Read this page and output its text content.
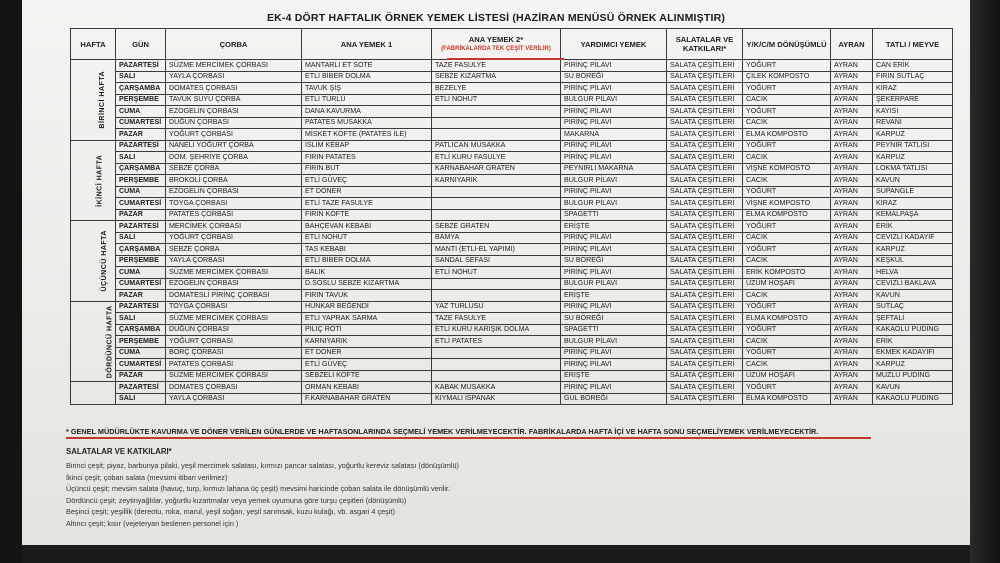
EK-4 DÖRT HAFTALIK ÖRNEK YEMEK LİSTESİ (HAZİRAN MENÜSÜ ÖRNEK ALINMIŞTIR)
HAFTA	GÜN	ÇORBA	ANA YEMEK 1	ANA YEMEK 2*
(FABRİKALARDA TEK ÇEŞİT VERİLİR)	YARDIMCI YEMEK	SALATALAR VE KATKILARI*	Y/K/C/M DÖNÜŞÜMLÜ	AYRAN	TATLI / MEYVE
BİRİNCİ HAFTA	PAZARTESİ	SÜZME MERCİMEK ÇORBASI	MANTARLI ET SOTE	TAZE FASULYE	PİRİNÇ PİLAVI	SALATA ÇEŞİTLERİ	YOĞURT	AYRAN	CAN ERİK
	SALI	YAYLA ÇORBASI	ETLİ BİBER DOLMA	SEBZE KIZARTMA	SU BÖREĞİ	SALATA ÇEŞİTLERİ	ÇİLEK KOMPOSTO	AYRAN	FIRIN SÜTLAÇ
	ÇARŞAMBA	DOMATES ÇORBASI	TAVUK ŞİŞ	BEZELYE	PİRİNÇ PİLAVI	SALATA ÇEŞİTLERİ	YOĞURT	AYRAN	KİRAZ
	PERŞEMBE	TAVUK SUYU ÇORBA	ETLİ TÜRLÜ	ETLİ NOHUT	BULGUR PİLAVI	SALATA ÇEŞİTLERİ	CACIK	AYRAN	ŞEKERPARE
	CUMA	EZOGELİN ÇORBASI	DANA KAVURMA		PİRİNÇ PİLAVI	SALATA ÇEŞİTLERİ	YOĞURT	AYRAN	KAYISI
	CUMARTESİ	DÜĞÜN ÇORBASI	PATATES MUSAKKA		PİRİNÇ PİLAVI	SALATA ÇEŞİTLERİ	CACIK	AYRAN	REVANİ
	PAZAR	YOĞURT ÇORBASI	MİSKET KÖFTE (PATATES İLE)		MAKARNA	SALATA ÇEŞİTLERİ	ELMA KOMPOSTO	AYRAN	KARPUZ
İKİNCİ HAFTA	PAZARTESİ	NANELİ YOĞURT ÇORBA	İSLİM KEBAP	PATLICAN MUSAKKA	PİRİNÇ PİLAVI	SALATA ÇEŞİTLERİ	YOĞURT	AYRAN	PEYNİR TATLISI
	SALI	DOM. ŞEHRİYE ÇORBA	FIRIN PATATES	ETLİ KURU FASULYE	PİRİNÇ PİLAVI	SALATA ÇEŞİTLERİ	CACIK	AYRAN	KARPUZ
	ÇARŞAMBA	SEBZE ÇORBA	FIRIN BUT	KARNABAHAR GRATEN	PEYNİRLİ MAKARNA	SALATA ÇEŞİTLERİ	VİŞNE KOMPOSTO	AYRAN	LOKMA TATLISI
	PERŞEMBE	BROKOLİ ÇORBA	ETLİ GÜVEÇ	KARNIYARIK	BULGUR PİLAVI	SALATA ÇEŞİTLERİ	CACIK	AYRAN	KAVUN
	CUMA	EZOGELİN ÇORBASI	ET DÖNER		PİRİNÇ PİLAVI	SALATA ÇEŞİTLERİ	YOĞURT	AYRAN	SUPANGLE
	CUMARTESİ	TOYGA ÇORBASI	ETLİ TAZE FASULYE		BULGUR PİLAVI	SALATA ÇEŞİTLERİ	VİŞNE KOMPOSTO	AYRAN	KİRAZ
	PAZAR	PATATES ÇORBASI	FIRIN KÖFTE		SPAGETTİ	SALATA ÇEŞİTLERİ	ELMA KOMPOSTO	AYRAN	KEMALPAŞA
ÜÇÜNCÜ HAFTA	PAZARTESİ	MERCİMEK ÇORBASI	BAHÇEVAN KEBABI	SEBZE GRATEN	ERİŞTE	SALATA ÇEŞİTLERİ	YOĞURT	AYRAN	ERİK
	SALI	YOĞURT ÇORBASI	ETLİ NOHUT	BAMYA	PİRİNÇ PİLAVI	SALATA ÇEŞİTLERİ	CACIK	AYRAN	CEVİZLİ KADAYIF
	ÇARŞAMBA	SEBZE ÇORBA	TAS KEBABI	MANTI (ETLİ-EL YAPIMI)	PİRİNÇ PİLAVI	SALATA ÇEŞİTLERİ	YOĞURT	AYRAN	KARPUZ
	PERŞEMBE	YAYLA ÇORBASI	ETLİ BİBER DOLMA	SANDAL SEFASI	SU BÖREĞİ	SALATA ÇEŞİTLERİ	CACIK	AYRAN	KEŞKÜL
	CUMA	SÜZME MERCİMEK ÇORBASI	BALIK	ETLİ NOHUT	PİRİNÇ PİLAVI	SALATA ÇEŞİTLERİ	ERİK KOMPOSTO	AYRAN	HELVA
	CUMARTESİ	EZOGELİN ÇORBASI	D.SOSLU SEBZE KIZARTMA		BULGUR PİLAVI	SALATA ÇEŞİTLERİ	ÜZÜM HOŞAFI	AYRAN	CEVİZLİ BAKLAVA
	PAZAR	DOMATESLİ PİRİNÇ ÇORBASI	FIRIN TAVUK		ERİŞTE	SALATA ÇEŞİTLERİ	CACIK	AYRAN	KAVUN
DÖRDÜNCÜ HAFTA	PAZARTESİ	TOYGA ÇORBASI	HÜNKAR BEĞENDİ	YAZ TÜRLÜSÜ	PİRİNÇ PİLAVI	SALATA ÇEŞİTLERİ	YOĞURT	AYRAN	SÜTLAÇ
	SALI	SÜZME MERCİMEK ÇORBASI	ETLİ YAPRAK SARMA	TAZE FASULYE	SU BÖREĞİ	SALATA ÇEŞİTLERİ	ELMA KOMPOSTO	AYRAN	ŞEFTALİ
	ÇARŞAMBA	DÜĞÜN ÇORBASI	PİLİÇ ROTİ	ETLİ KURU KARIŞIK DOLMA	SPAGETTİ	SALATA ÇEŞİTLERİ	YOĞURT	AYRAN	KAKAOLU PUDİNG
	PERŞEMBE	YOĞURT ÇORBASI	KARNIYARIK	ETLİ PATATES	BULGUR PİLAVI	SALATA ÇEŞİTLERİ	CACIK	AYRAN	ERİK
	CUMA	BORÇ ÇORBASI	ET DÖNER		PİRİNÇ PİLAVI	SALATA ÇEŞİTLERİ	YOĞURT	AYRAN	EKMEK KADAYIFI
	CUMARTESİ	PATATES ÇORBASI	ETLİ GÜVEÇ		PİRİNÇ PİLAVI	SALATA ÇEŞİTLERİ	CACIK	AYRAN	KARPUZ
	PAZAR	SÜZME MERCİMEK ÇORBASI	SEBZELİ KÖFTE		ERİŞTE	SALATA ÇEŞİTLERİ	ÜZÜM HOŞAFI	AYRAN	MUZLU PUDİNG
	PAZARTESİ	DOMATES ÇORBASI	ORMAN KEBABI	KABAK MUSAKKA	PİRİNÇ PİLAVI	SALATA ÇEŞİTLERİ	YOĞURT	AYRAN	KAVUN
	SALI	YAYLA ÇORBASI	F.KARNABAHAR GRATEN	KIYMALI ISPANAK	GÜL BÖREĞİ	SALATA ÇEŞİTLERİ	ELMA KOMPOSTO	AYRAN	KAKAOLU PUDİNG
* GENEL MÜDÜRLÜKTE KAVURMA VE DÖNER VERİLEN GÜNLERDE VE HAFTASONLARINDA SEÇMELİ YEMEK VERİLMEYECEKTİR. FABRİKALARDA HAFTA İÇİ VE HAFTA SONU SEÇMELİYEMEK VERİLMEYECEKTİR.
SALATALAR VE KATKILARI*
Birinci çeşit; piyaz, barbunya pilaki, yeşil mercimek salatası, kırmızı pancar salatası, yoğurtlu kereviz salatası (dönüşümlü)
İkinci çeşit; çoban salata (mevsimi itibari verilmez)
Üçüncü çeşit; mevsim salata (havuç, turp, kırmızı lahana üç çeşit) mevsimi haricinde çoban salata ile dönüşümlü verilir.
Dördüncü çeşit; zeytinyağlılar, yoğurtlu kızartmalar veya yemek uyumuna göre turşu çeşitleri (dönüşümlü)
Beşinci çeşit; yeşillik (dereotu, roka, marul, yeşil soğan, yeşil sarımsak, kuzu kulağı, vb. asgari 4 çeşit)
Altıncı çeşit; kısır (vejeteryan beslenen personel için )
